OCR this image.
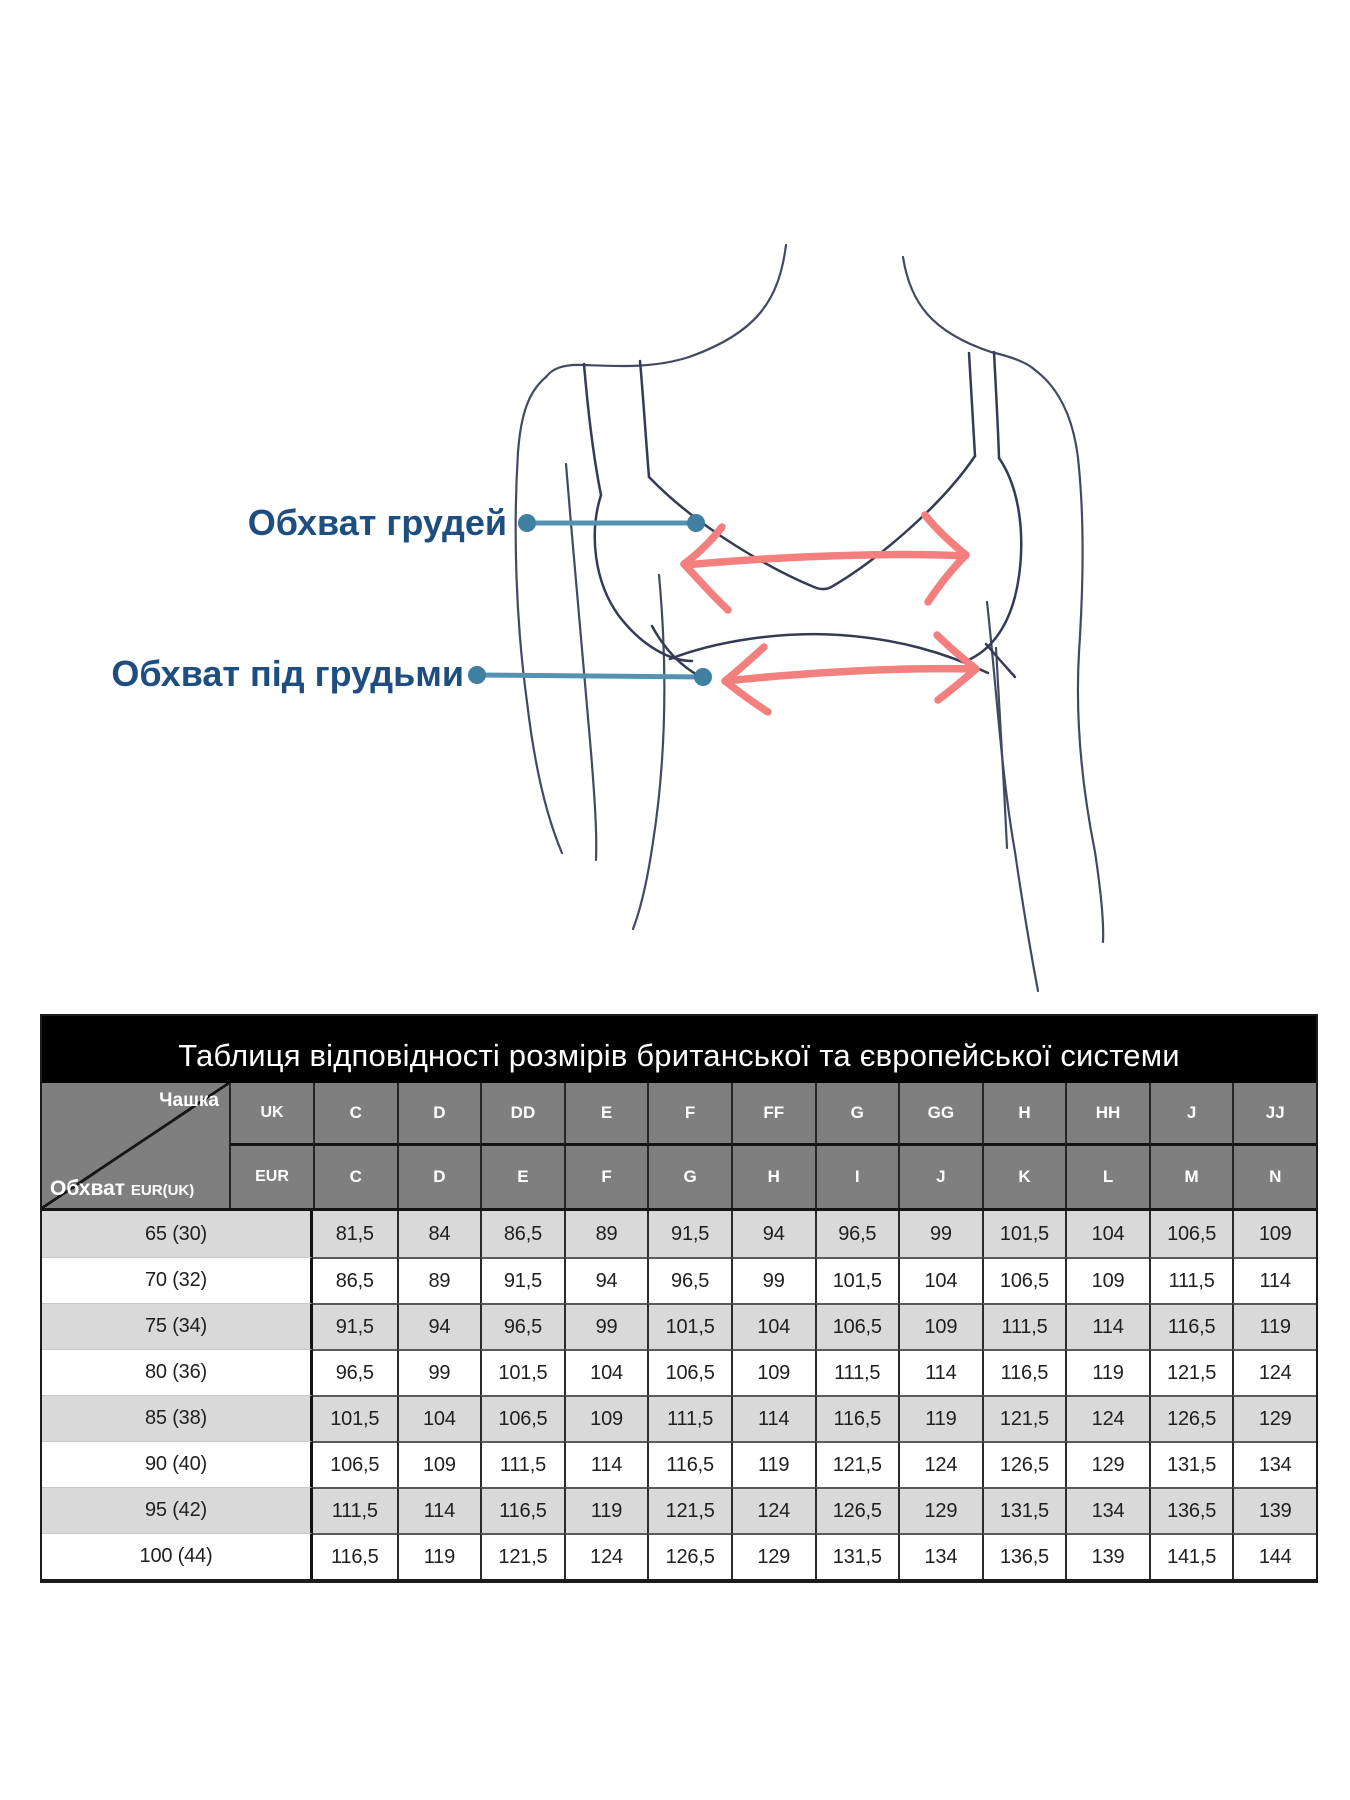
Обхват грудей
Обхват під грудьми
Таблиця відповідності розмірів британської та європейської системи
Чашка
Обхват EUR(UK)
UK
EUR
C	D	DD	E	F	FF	G	GG	H	HH	J	JJ
C	D	E	F	G	H	I	J	K	L	M	N
65 (30)	81,5	84	86,5	89	91,5	94	96,5	99	101,5	104	106,5	109
70 (32)	86,5	89	91,5	94	96,5	99	101,5	104	106,5	109	111,5	114
75 (34)	91,5	94	96,5	99	101,5	104	106,5	109	111,5	114	116,5	119
80 (36)	96,5	99	101,5	104	106,5	109	111,5	114	116,5	119	121,5	124
85 (38)	101,5	104	106,5	109	111,5	114	116,5	119	121,5	124	126,5	129
90 (40)	106,5	109	111,5	114	116,5	119	121,5	124	126,5	129	131,5	134
95 (42)	111,5	114	116,5	119	121,5	124	126,5	129	131,5	134	136,5	139
100 (44)	116,5	119	121,5	124	126,5	129	131,5	134	136,5	139	141,5	144
